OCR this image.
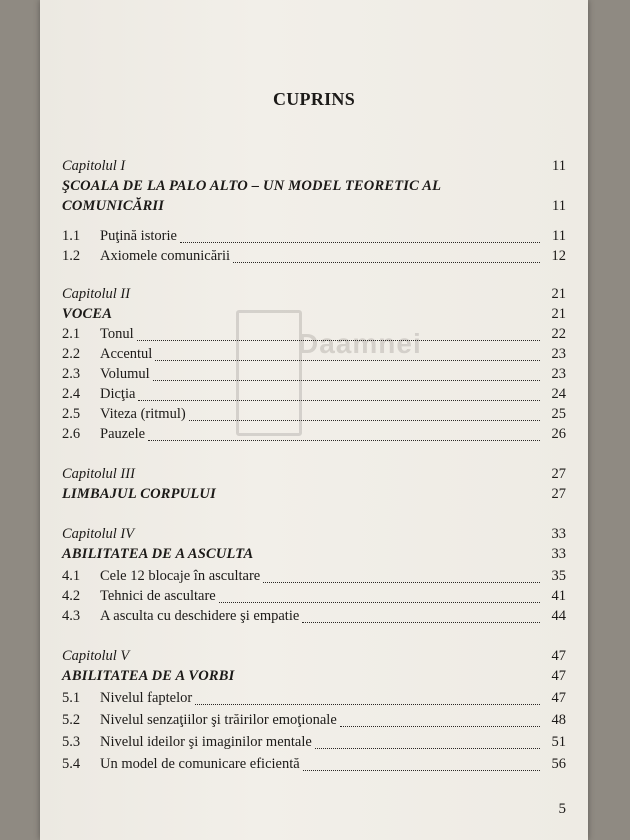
Daamnei
CUPRINS
Capitolul I	11
ŞCOALA DE LA PALO ALTO – UN MODEL TEORETIC AL
COMUNICĂRII	11
1.1	Puţină istorie	11
1.2	Axiomele comunicării	12
Capitolul II	21
VOCEA	21
2.1	Tonul	22
2.2	Accentul	23
2.3	Volumul	23
2.4	Dicţia	24
2.5	Viteza (ritmul)	25
2.6	Pauzele	26
Capitolul III	27
LIMBAJUL CORPULUI	27
Capitolul IV	33
ABILITATEA DE A ASCULTA	33
4.1	Cele 12 blocaje în ascultare	35
4.2	Tehnici de ascultare	41
4.3	A asculta cu deschidere şi empatie	44
Capitolul V	47
ABILITATEA DE A VORBI	47
5.1	Nivelul faptelor	47
5.2	Nivelul senzaţiilor şi trăirilor emoţionale	48
5.3	Nivelul ideilor şi imaginilor mentale	51
5.4	Un model de comunicare eficientă	56
5
